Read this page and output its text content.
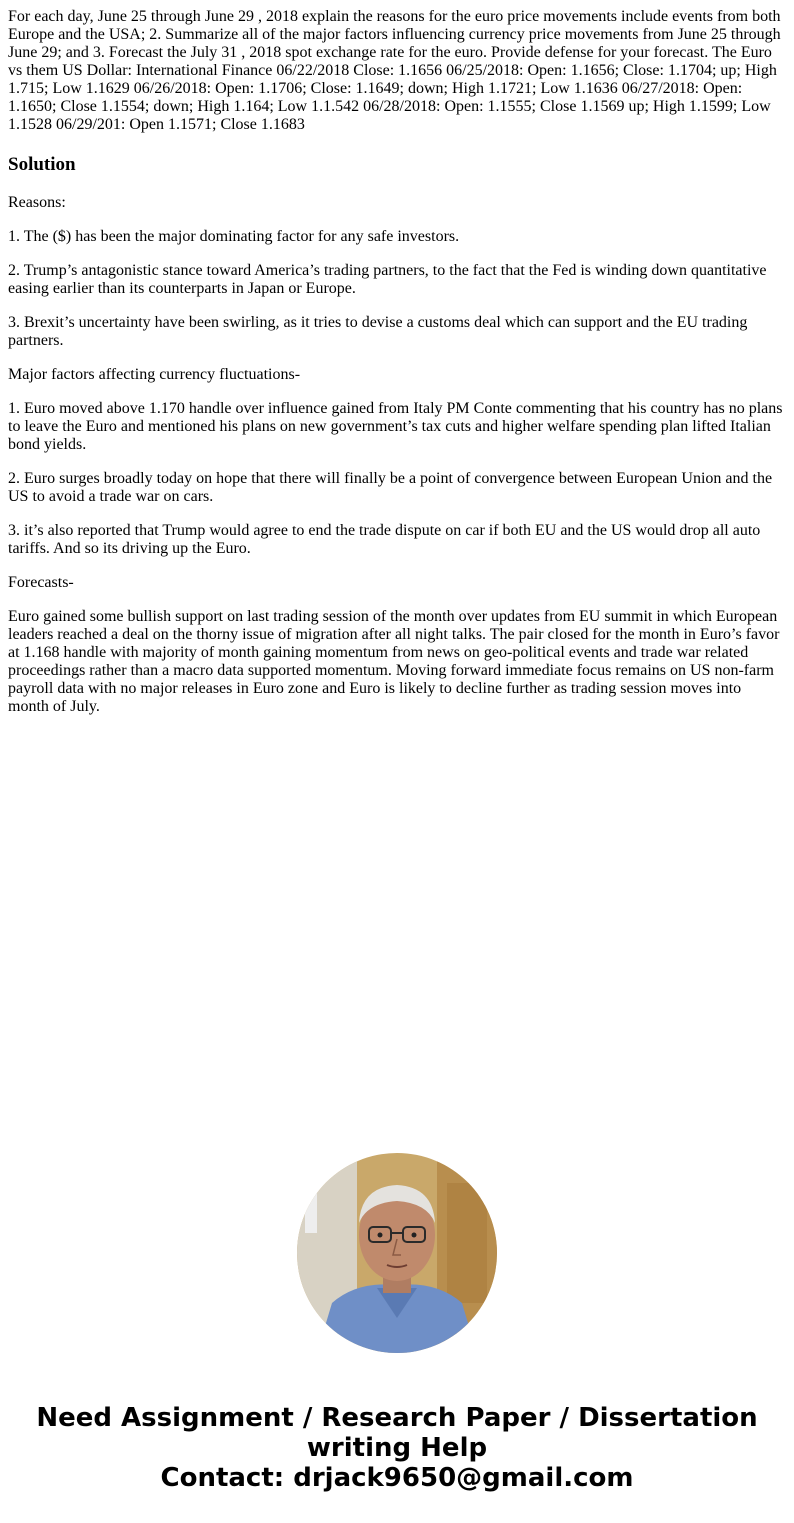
For each day, June 25 through June 29 , 2018 explain the reasons for the euro price movements include events from both Europe and the USA; 2. Summarize all of the major factors influencing currency price movements from June 25 through June 29; and 3. Forecast the July 31 , 2018 spot exchange rate for the euro. Provide defense for your forecast. The Euro vs them US Dollar: International Finance 06/22/2018 Close: 1.1656 06/25/2018: Open: 1.1656; Close: 1.1704; up; High 1.715; Low 1.1629 06/26/2018: Open: 1.1706; Close: 1.1649; down; High 1.1721; Low 1.1636 06/27/2018: Open: 1.1650; Close 1.1554; down; High 1.164; Low 1.1.542 06/28/2018: Open: 1.1555; Close 1.1569 up; High 1.1599; Low 1.1528 06/29/201: Open 1.1571; Close 1.1683

Solution

Reasons:

1. The ($) has been the major dominating factor for any safe investors.

2. Trump’s antagonistic stance toward America’s trading partners, to the fact that the Fed is winding down quantitative easing earlier than its counterparts in Japan or Europe.

3. Brexit’s uncertainty have been swirling, as it tries to devise a customs deal which can support and the EU trading partners.

Major factors affecting currency fluctuations-

1. Euro moved above 1.170 handle over influence gained from Italy PM Conte commenting that his country has no plans to leave the Euro and mentioned his plans on new government’s tax cuts and higher welfare spending plan lifted Italian bond yields.

2. Euro surges broadly today on hope that there will finally be a point of convergence between European Union and the US to avoid a trade war on cars.

3. it’s also reported that Trump would agree to end the trade dispute on car if both EU and the US would drop all auto tariffs. And so its driving up the Euro.

Forecasts-

Euro gained some bullish support on last trading session of the month over updates from EU summit in which European leaders reached a deal on the thorny issue of migration after all night talks. The pair closed for the month in Euro’s favor at 1.168 handle with majority of month gaining momentum from news on geo-political events and trade war related proceedings rather than a macro data supported momentum. Moving forward immediate focus remains on US non-farm payroll data with no major releases in Euro zone and Euro is likely to decline further as trading session moves into month of July.

Need Assignment / Research Paper / Dissertation
writing Help
Contact: drjack9650@gmail.com
